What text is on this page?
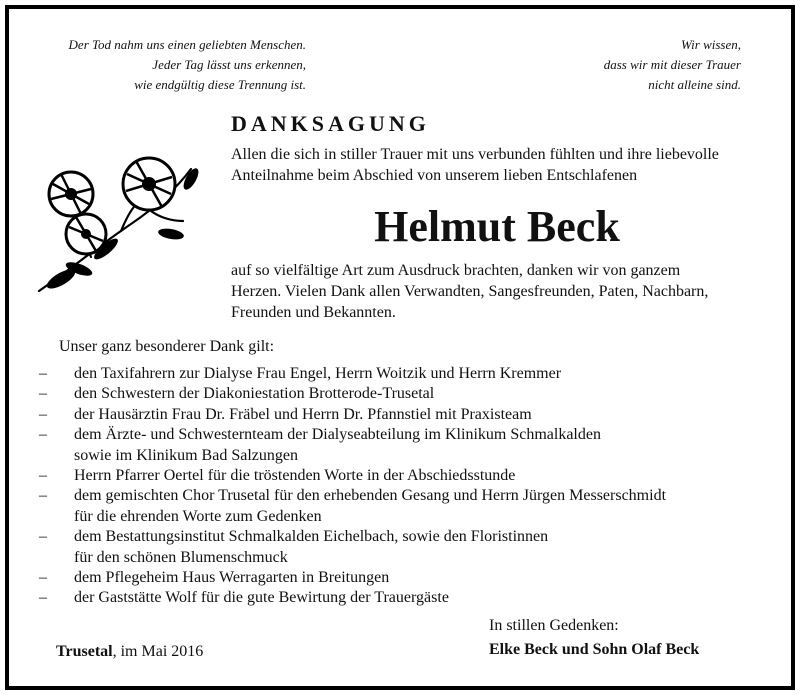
Der Tod nahm uns einen geliebten Menschen.
Jeder Tag lässt uns erkennen,
wie endgültig diese Trennung ist.
Wir wissen,
dass wir mit dieser Trauer
nicht alleine sind.
DANKSAGUNG
Allen die sich in stiller Trauer mit uns verbunden fühlten und ihre liebevolle
Anteilnahme beim Abschied von unserem lieben Entschlafenen
Helmut Beck
auf so vielfältige Art zum Ausdruck brachten, danken wir von ganzem
Herzen. Vielen Dank allen Verwandten, Sangesfreunden, Paten, Nachbarn,
Freunden und Bekannten.
Unser ganz besonderer Dank gilt:
– den Taxifahrern zur Dialyse Frau Engel, Herrn Woitzik und Herrn Kremmer
– den Schwestern der Diakoniestation Brotterode-Trusetal
– der Hausärztin Frau Dr. Fräbel und Herrn Dr. Pfannstiel mit Praxisteam
– dem Ärzte- und Schwesternteam der Dialyseabteilung im Klinikum Schmalkalden
sowie im Klinikum Bad Salzungen
– Herrn Pfarrer Oertel für die tröstenden Worte in der Abschiedsstunde
– dem gemischten Chor Trusetal für den erhebenden Gesang und Herrn Jürgen Messerschmidt
für die ehrenden Worte zum Gedenken
– dem Bestattungsinstitut Schmalkalden Eichelbach, sowie den Floristinnen
für den schönen Blumenschmuck
– dem Pflegeheim Haus Werragarten in Breitungen
– der Gaststätte Wolf für die gute Bewirtung der Trauergäste
Trusetal, im Mai 2016
In stillen Gedenken:
Elke Beck und Sohn Olaf Beck
